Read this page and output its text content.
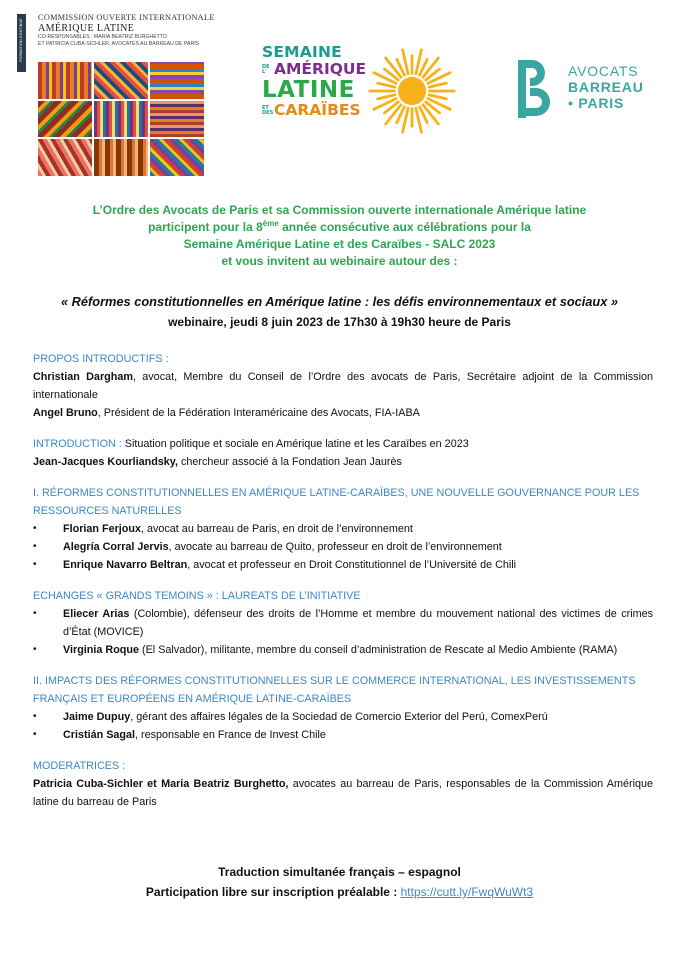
FORMATION CONTINUE
COMMISSION OUVERTE INTERNATIONALE
AMÉRIQUE LATINE
CO-RESPONSABLES : MARIA BEATRIZ BURGHETTO
ET PATRICIA CUBA-SICHLER, AVOCATES AU BARREAU DE PARIS	SEMAINE
DE L' AMÉRIQUE
LATINE
ET DESCARAÏBES
AVOCATS
BARREAU
• PARIS
L’Ordre des Avocats de Paris et sa Commission ouverte internationale Amérique latine
participent pour la 8ème année consécutive aux célébrations pour la
Semaine Amérique Latine et des Caraïbes - SALC 2023
et vous invitent au webinaire autour des :
« Réformes constitutionnelles en Amérique latine : les défis environnementaux et sociaux »
webinaire, jeudi 8 juin 2023 de 17h30 à 19h30 heure de Paris
PROPOS INTRODUCTIFS :

Christian Dargham, avocat, Membre du Conseil de l’Ordre des avocats de Paris, Secrétaire adjoint de la Commission internationale

Angel Bruno, Président de la Fédération Interaméricaine des Avocats, FIA-IABA

INTRODUCTION : Situation politique et sociale en Amérique latine et les Caraïbes en 2023

Jean-Jacques Kourliandsky, chercheur associé à la Fondation Jean Jaurès

I. RÉFORMES CONSTITUTIONNELLES EN AMÉRIQUE LATINE-CARAÏBES, UNE NOUVELLE GOUVERNANCE POUR LES RESSOURCES NATURELLES

• Florian Ferjoux, avocat au barreau de Paris, en droit de l’environnement

• Alegría Corral Jervis, avocate au barreau de Quito, professeur en droit de l’environnement

• Enrique Navarro Beltran, avocat et professeur en Droit Constitutionnel de l’Université de Chili

ECHANGES « GRANDS TEMOINS » : LAUREATS DE L’INITIATIVE

• Eliecer Arias (Colombie), défenseur des droits de l’Homme et membre du mouvement national des victimes de crimes d’État (MOVICE)

• Virginia Roque (El Salvador), militante, membre du conseil d’administration de Rescate al Medio Ambiente (RAMA)

II. IMPACTS DES RÉFORMES CONSTITUTIONNELLES SUR LE COMMERCE INTERNATIONAL, LES INVESTISSEMENTS FRANÇAIS ET EUROPÉENS EN AMÉRIQUE LATINE-CARAÏBES

• Jaime Dupuy, gérant des affaires légales de la Sociedad de Comercio Exterior del Perú, ComexPerú

• Cristián Sagal, responsable en France de Invest Chile

MODERATRICES :

Patricia Cuba-Sichler et Maria Beatriz Burghetto, avocates au barreau de Paris, responsables de la Commission Amérique latine du barreau de Paris

Traduction simultanée français – espagnol
Participation libre sur inscription préalable : https://cutt.ly/FwqWuWt3
